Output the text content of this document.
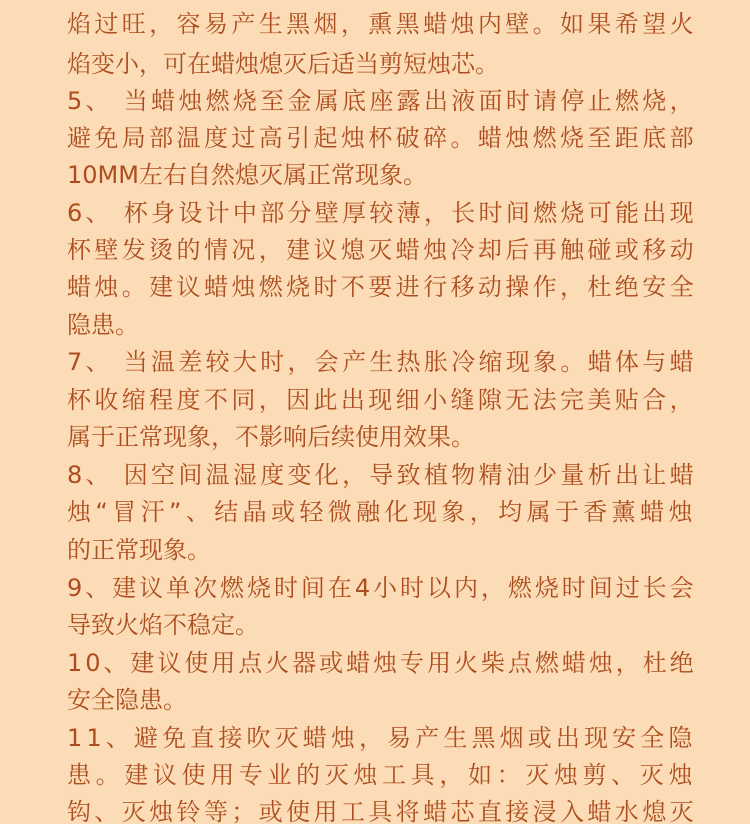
焰过旺，容易产生黑烟，熏黑蜡烛内壁。如果希望火
焰变小，可在蜡烛熄灭后适当剪短烛芯。
5、 当蜡烛燃烧至金属底座露出液面时请停止燃烧，
避免局部温度过高引起烛杯破碎。蜡烛燃烧至距底部
10MM左右自然熄灭属正常现象。
6、 杯身设计中部分壁厚较薄，长时间燃烧可能出现
杯壁发烫的情况，建议熄灭蜡烛冷却后再触碰或移动
蜡烛。建议蜡烛燃烧时不要进行移动操作，杜绝安全
隐患。
7、 当温差较大时，会产生热胀冷缩现象。蜡体与蜡
杯收缩程度不同，因此出现细小缝隙无法完美贴合，
属于正常现象，不影响后续使用效果。
8、 因空间温湿度变化，导致植物精油少量析出让蜡
烛“冒汗”、结晶或轻微融化现象，均属于香薰蜡烛
的正常现象。
9、建议单次燃烧时间在4小时以内，燃烧时间过长会
导致火焰不稳定。
10、建议使用点火器或蜡烛专用火柴点燃蜡烛，杜绝
安全隐患。
11、避免直接吹灭蜡烛，易产生黑烟或出现安全隐
患。建议使用专业的灭烛工具，如：灭烛剪、灭烛
钩、灭烛铃等；或使用工具将蜡芯直接浸入蜡水熄灭
